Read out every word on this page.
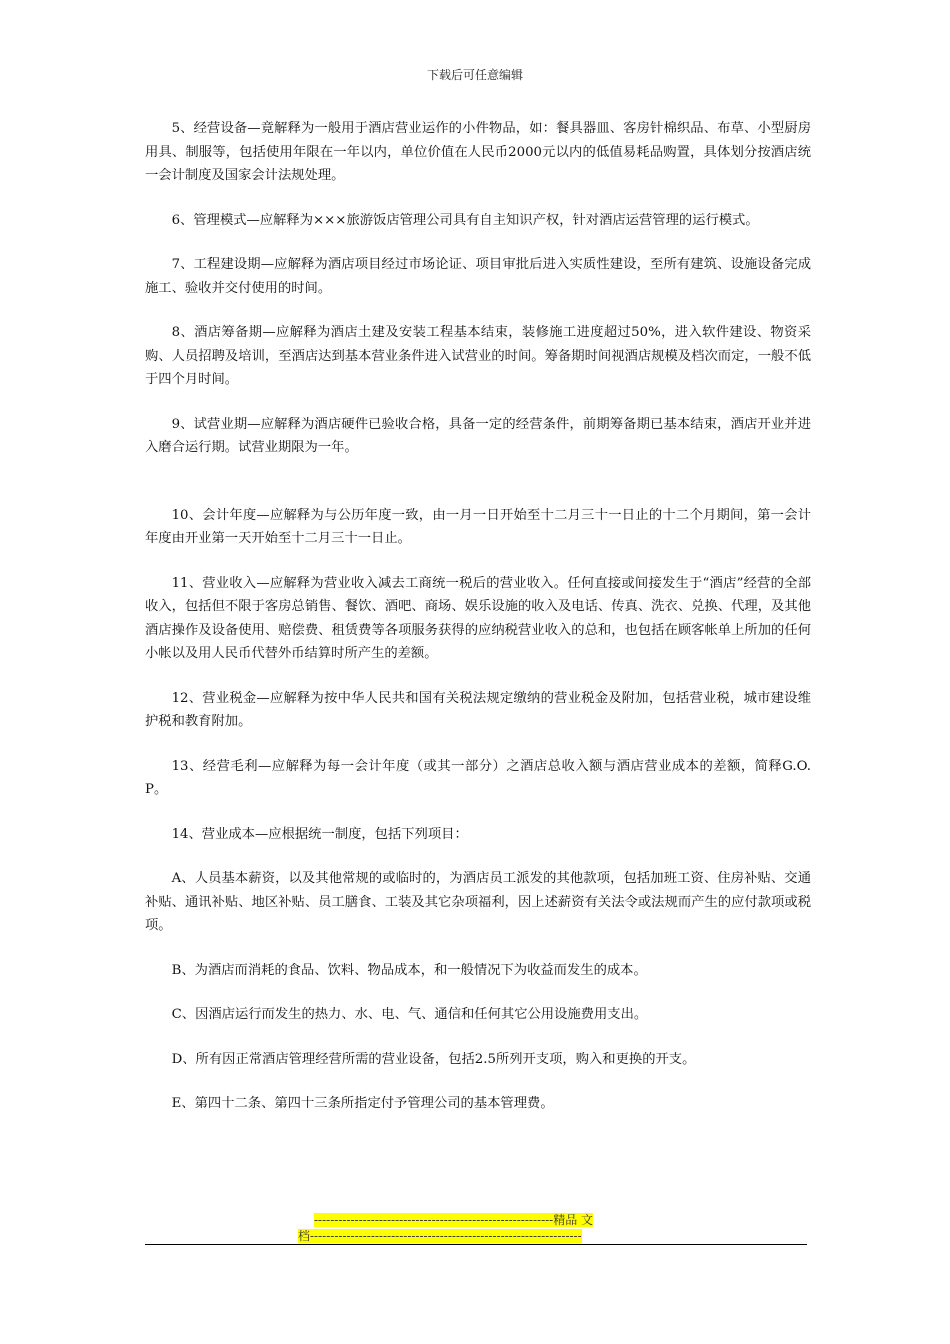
下载后可任意编辑

5、经营设备—竟解释为一般用于酒店营业运作的小件物品，如：餐具器皿、客房针棉织品、布草、小型厨房用具、制服等，包括使用年限在一年以内，单位价值在人民币2000元以内的低值易耗品购置，具体划分按酒店统一会计制度及国家会计法规处理。

6、管理模式—应解释为×××旅游饭店管理公司具有自主知识产权，针对酒店运营管理的运行模式。

7、工程建设期—应解释为酒店项目经过市场论证、项目审批后进入实质性建设，至所有建筑、设施设备完成施工、验收并交付使用的时间。

8、酒店筹备期—应解释为酒店土建及安装工程基本结束，装修施工进度超过50%，进入软件建设、物资采购、人员招聘及培训，至酒店达到基本营业条件进入试营业的时间。筹备期时间视酒店规模及档次而定，一般不低于四个月时间。

9、试营业期—应解释为酒店硬件已验收合格，具备一定的经营条件，前期筹备期已基本结束，酒店开业并进入磨合运行期。试营业期限为一年。

10、会计年度—应解释为与公历年度一致，由一月一日开始至十二月三十一日止的十二个月期间，第一会计年度由开业第一天开始至十二月三十一日止。

11、营业收入—应解释为营业收入减去工商统一税后的营业收入。任何直接或间接发生于“酒店”经营的全部收入，包括但不限于客房总销售、餐饮、酒吧、商场、娱乐设施的收入及电话、传真、洗衣、兑换、代理，及其他酒店操作及设备使用、赔偿费、租赁费等各项服务获得的应纳税营业收入的总和，也包括在顾客帐单上所加的任何小帐以及用人民币代替外币结算时所产生的差额。

12、营业税金—应解释为按中华人民共和国有关税法规定缴纳的营业税金及附加，包括营业税，城市建设维护税和教育附加。

13、经营毛利—应解释为每一会计年度（或其一部分）之酒店总收入额与酒店营业成本的差额，简释G.O.P。

14、营业成本—应根据统一制度，包括下列项目：

A、人员基本薪资，以及其他常规的或临时的，为酒店员工派发的其他款项，包括加班工资、住房补贴、交通补贴、通讯补贴、地区补贴、员工膳食、工装及其它杂项福利，因上述薪资有关法令或法规而产生的应付款项或税项。

B、为酒店而消耗的食品、饮料、物品成本，和一般情况下为收益而发生的成本。

C、因酒店运行而发生的热力、水、电、气、通信和任何其它公用设施费用支出。

D、所有因正常酒店管理经营所需的营业设备，包括2.5所列开支项，购入和更换的开支。

E、第四十二条、第四十三条所指定付予管理公司的基本管理费。

-----------------------------------------------------------精品 文
档-------------------------------------------------------------------
